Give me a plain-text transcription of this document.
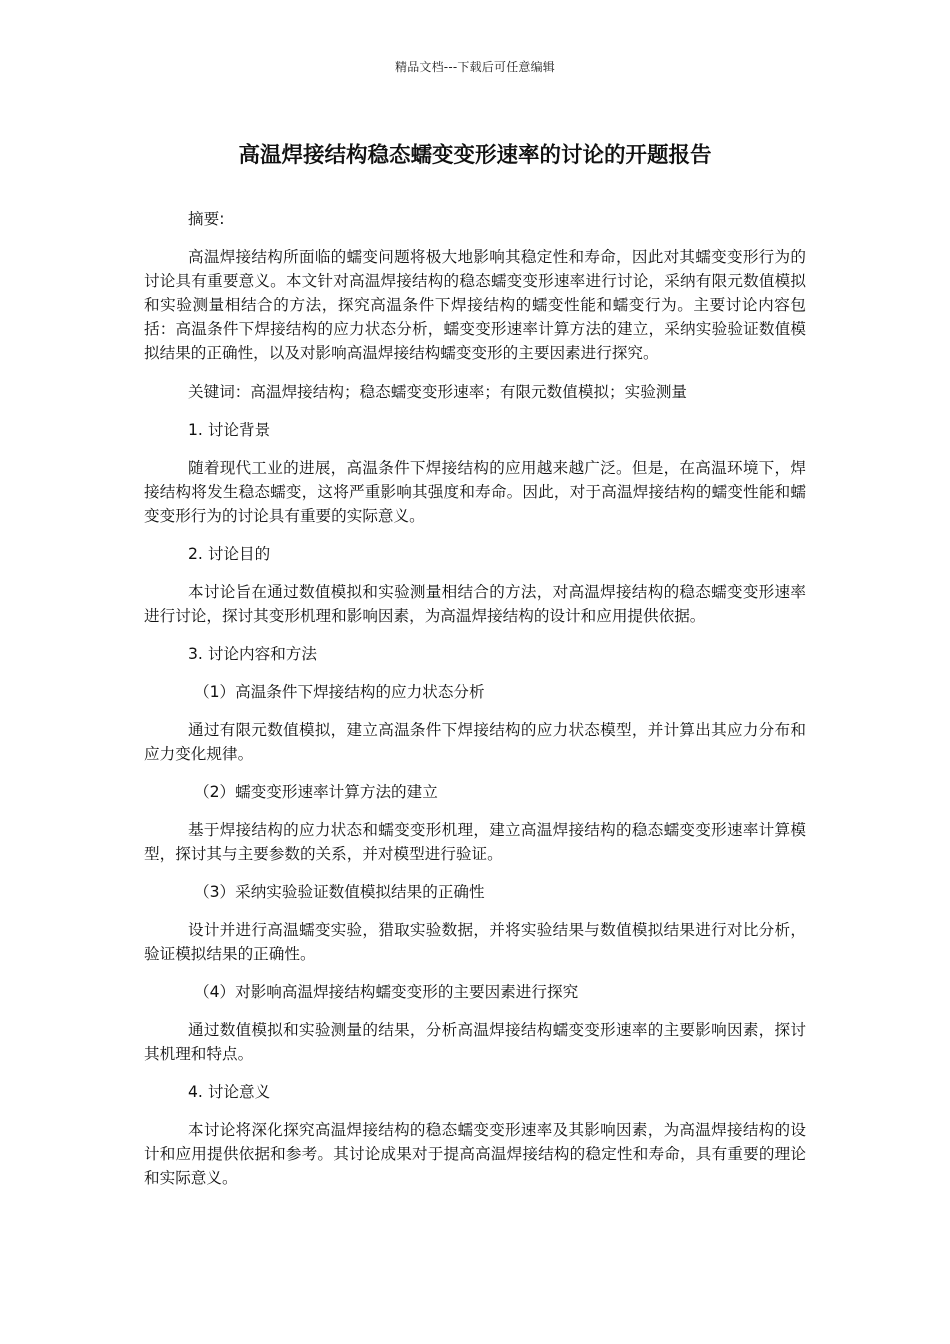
精品文档---下载后可任意编辑
高温焊接结构稳态蠕变变形速率的讨论的开题报告

摘要:

高温焊接结构所面临的蠕变问题将极大地影响其稳定性和寿命，因此对其蠕变变形行为的讨论具有重要意义。本文针对高温焊接结构的稳态蠕变变形速率进行讨论，采纳有限元数值模拟和实验测量相结合的方法，探究高温条件下焊接结构的蠕变性能和蠕变行为。主要讨论内容包括：高温条件下焊接结构的应力状态分析，蠕变变形速率计算方法的建立，采纳实验验证数值模拟结果的正确性，以及对影响高温焊接结构蠕变变形的主要因素进行探究。

关键词：高温焊接结构；稳态蠕变变形速率；有限元数值模拟；实验测量

1. 讨论背景

随着现代工业的进展，高温条件下焊接结构的应用越来越广泛。但是，在高温环境下，焊接结构将发生稳态蠕变，这将严重影响其强度和寿命。因此，对于高温焊接结构的蠕变性能和蠕变变形行为的讨论具有重要的实际意义。

2. 讨论目的

本讨论旨在通过数值模拟和实验测量相结合的方法，对高温焊接结构的稳态蠕变变形速率进行讨论，探讨其变形机理和影响因素，为高温焊接结构的设计和应用提供依据。

3. 讨论内容和方法

（1）高温条件下焊接结构的应力状态分析

通过有限元数值模拟，建立高温条件下焊接结构的应力状态模型，并计算出其应力分布和应力变化规律。

（2）蠕变变形速率计算方法的建立

基于焊接结构的应力状态和蠕变变形机理，建立高温焊接结构的稳态蠕变变形速率计算模型，探讨其与主要参数的关系，并对模型进行验证。

（3）采纳实验验证数值模拟结果的正确性

设计并进行高温蠕变实验，猎取实验数据，并将实验结果与数值模拟结果进行对比分析，验证模拟结果的正确性。

（4）对影响高温焊接结构蠕变变形的主要因素进行探究

通过数值模拟和实验测量的结果，分析高温焊接结构蠕变变形速率的主要影响因素，探讨其机理和特点。

4. 讨论意义

本讨论将深化探究高温焊接结构的稳态蠕变变形速率及其影响因素，为高温焊接结构的设计和应用提供依据和参考。其讨论成果对于提高高温焊接结构的稳定性和寿命，具有重要的理论和实际意义。
